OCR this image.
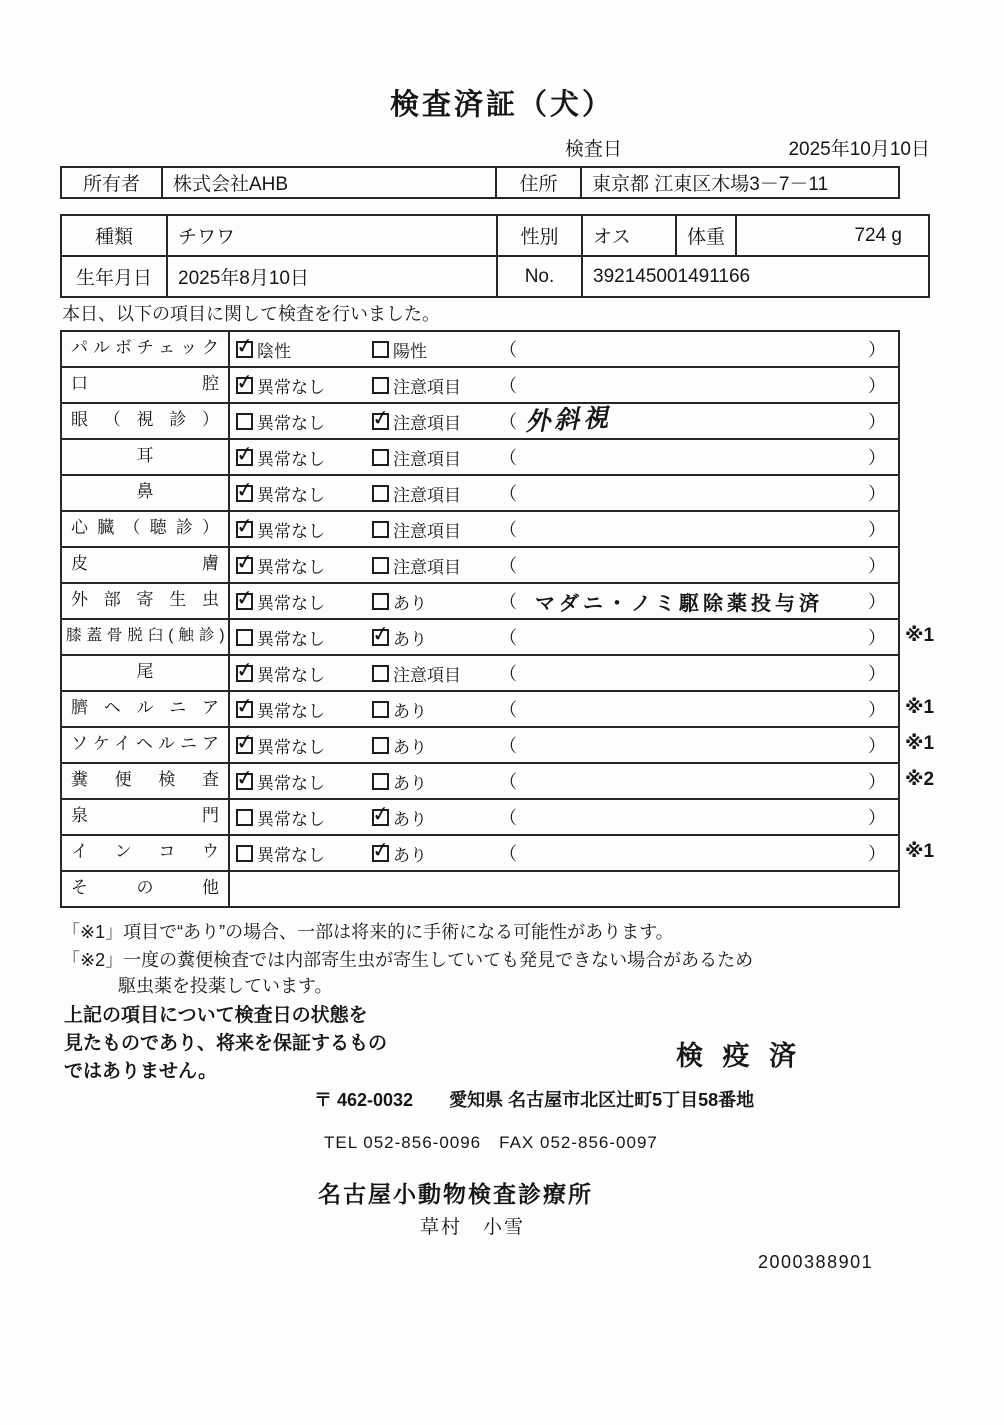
検査済証（犬）
検査日	2025年10月10日
所有者	株式会社AHB	住所	東京都 江東区木場3－7－11
種類	チワワ	性別	オス	体重	724 g
生年月日	2025年8月10日	No.	392145001491166
本日、以下の項目に関して検査を行いました。
パルボチェック ✓	陰性	陽性	（	）
口腔 ✓	異常なし	注意項目 （	）
眼（視診）	異常なし ✓	注意項目 （ 外斜視	）
耳 ✓	異常なし	注意項目 （	）
鼻 ✓	異常なし	注意項目 （	）
心臓（聴診） ✓	異常なし	注意項目 （	）
皮膚 ✓	異常なし	注意項目 （	）
外部寄生虫 ✓	異常なし	あり	（ マダニ・ノミ駆除薬投与済	）
膝蓋骨脱臼(触診)	異常なし ✓	あり	（	） ※1
尾 ✓	異常なし	注意項目 （	）
臍ヘルニア ✓	異常なし	あり	（	） ※1
ソケイヘルニア ✓	異常なし	あり	（	） ※1
糞便検査 ✓	異常なし	あり	（	） ※2
泉門	異常なし ✓	あり	（	）
インコウ	異常なし ✓	あり	（	） ※1
その他
「※1」項目で“あり”の場合、一部は将来的に手術になる可能性があります。
「※2」一度の糞便検査では内部寄生虫が寄生していても発見できない場合があるため
駆虫薬を投薬しています。
上記の項目について検査日の状態を
見たものであり、将来を保証するもの
ではありません。
検 疫 済
〒 462-0032　　愛知県 名古屋市北区辻町5丁目58番地
TEL 052-856-0096　FAX 052-856-0097
名古屋小動物検査診療所
草村　小雪
2000388901
